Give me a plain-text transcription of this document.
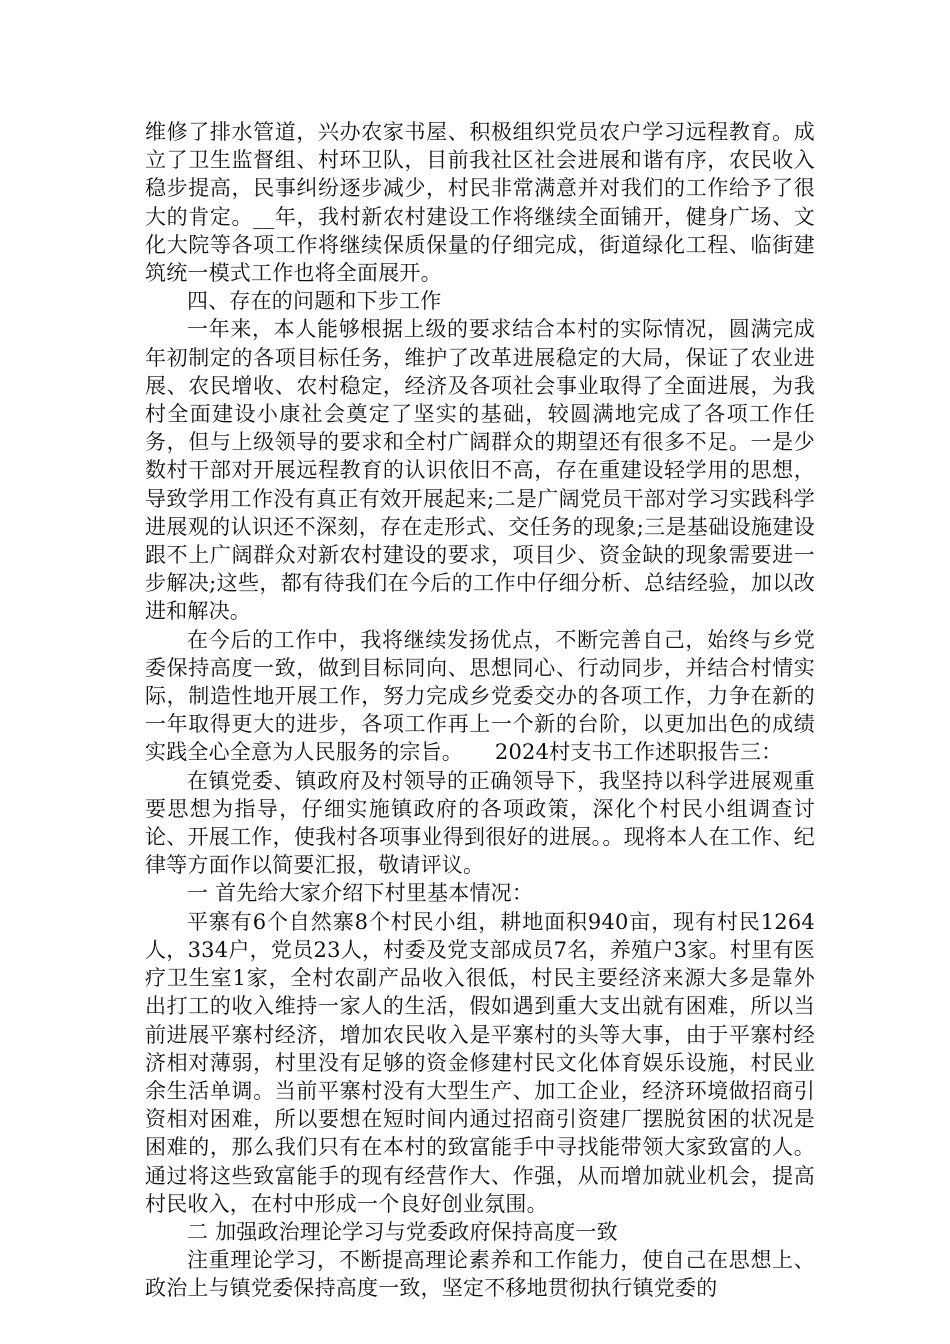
维修了排水管道，兴办农家书屋、积极组织党员农户学习远程教育。成立了卫生监督组、村环卫队，目前我社区社会进展和谐有序，农民收入稳步提高，民事纠纷逐步减少，村民非常满意并对我们的工作给予了很大的肯定。__年，我村新农村建设工作将继续全面铺开，健身广场、文化大院等各项工作将继续保质保量的仔细完成，街道绿化工程、临街建筑统一模式工作也将全面展开。

四、存在的问题和下步工作

一年来，本人能够根据上级的要求结合本村的实际情况，圆满完成年初制定的各项目标任务，维护了改革进展稳定的大局，保证了农业进展、农民增收、农村稳定，经济及各项社会事业取得了全面进展，为我村全面建设小康社会奠定了坚实的基础，较圆满地完成了各项工作任务，但与上级领导的要求和全村广阔群众的期望还有很多不足。一是少数村干部对开展远程教育的认识依旧不高，存在重建设轻学用的思想，导致学用工作没有真正有效开展起来;二是广阔党员干部对学习实践科学进展观的认识还不深刻，存在走形式、交任务的现象;三是基础设施建设跟不上广阔群众对新农村建设的要求，项目少、资金缺的现象需要进一步解决;这些，都有待我们在今后的工作中仔细分析、总结经验，加以改进和解决。

在今后的工作中，我将继续发扬优点，不断完善自己，始终与乡党委保持高度一致，做到目标同向、思想同心、行动同步，并结合村情实际，制造性地开展工作，努力完成乡党委交办的各项工作，力争在新的一年取得更大的进步，各项工作再上一个新的台阶，以更加出色的成绩实践全心全意为人民服务的宗旨。　　2024村支书工作述职报告三：

在镇党委、镇政府及村领导的正确领导下，我坚持以科学进展观重要思想为指导，仔细实施镇政府的各项政策，深化个村民小组调查讨论、开展工作，使我村各项事业得到很好的进展。。现将本人在工作、纪律等方面作以简要汇报，敬请评议。

一 首先给大家介绍下村里基本情况：

平寨有6个自然寨8个村民小组，耕地面积940亩，现有村民1264人，334户，党员23人，村委及党支部成员7名，养殖户3家。村里有医疗卫生室1家，全村农副产品收入很低，村民主要经济来源大多是靠外出打工的收入维持一家人的生活，假如遇到重大支出就有困难，所以当前进展平寨村经济，增加农民收入是平寨村的头等大事，由于平寨村经济相对薄弱，村里没有足够的资金修建村民文化体育娱乐设施，村民业余生活单调。当前平寨村没有大型生产、加工企业，经济环境做招商引资相对困难，所以要想在短时间内通过招商引资建厂摆脱贫困的状况是困难的，那么我们只有在本村的致富能手中寻找能带领大家致富的人。通过将这些致富能手的现有经营作大、作强，从而增加就业机会，提高村民收入，在村中形成一个良好创业氛围。

二 加强政治理论学习与党委政府保持高度一致

注重理论学习，不断提高理论素养和工作能力，使自己在思想上、政治上与镇党委保持高度一致，坚定不移地贯彻执行镇党委的
